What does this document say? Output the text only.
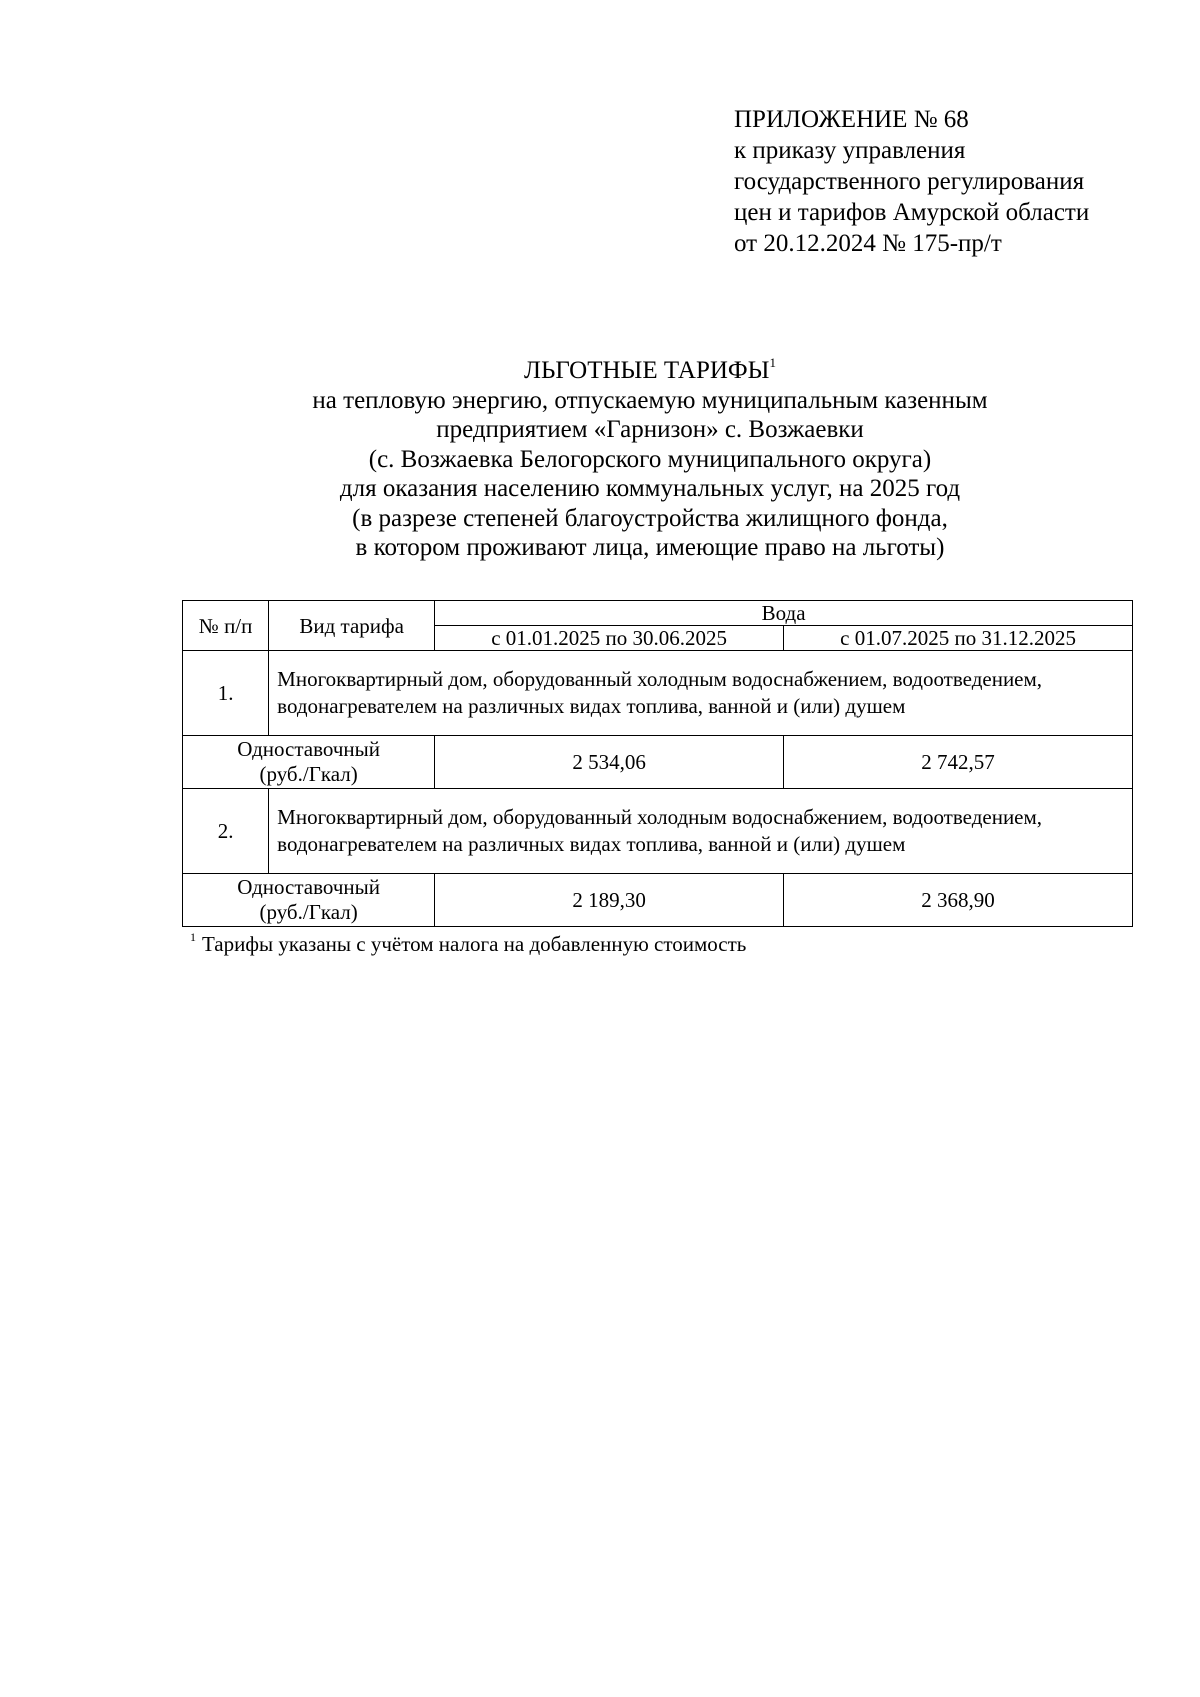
ПРИЛОЖЕНИЕ № 68
к приказу управления
государственного регулирования
цен и тарифов Амурской области
от 20.12.2024 № 175-пр/т
ЛЬГОТНЫЕ ТАРИФЫ$^1$
на тепловую энергию, отпускаемую муниципальным казенным
предприятием «Гарнизон» с. Возжаевки
(с. Возжаевка Белогорского муниципального округа)
для оказания населению коммунальных услуг, на 2025 год
(в разрезе степеней благоустройства жилищного фонда,
в котором проживают лица, имеющие право на льготы)
№ п/п	Вид тарифа	Вода	
		с 01.01.2025 по 30.06.2025	с 01.07.2025 по 31.12.2025
1.	Многоквартирный дом, оборудованный холодным водоснабжением, водоотведением, водонагревателем на различных видах топлива, ванной и (или) душем		
Одноставочный
(руб./Гкал)		2 534,06	2 742,57
2.	Многоквартирный дом, оборудованный холодным водоснабжением, водоотведением, водонагревателем на различных видах топлива, ванной и (или) душем		
Одноставочный
(руб./Гкал)		2 189,30	2 368,90
$^1$ Тарифы указаны с учётом налога на добавленную стоимость
